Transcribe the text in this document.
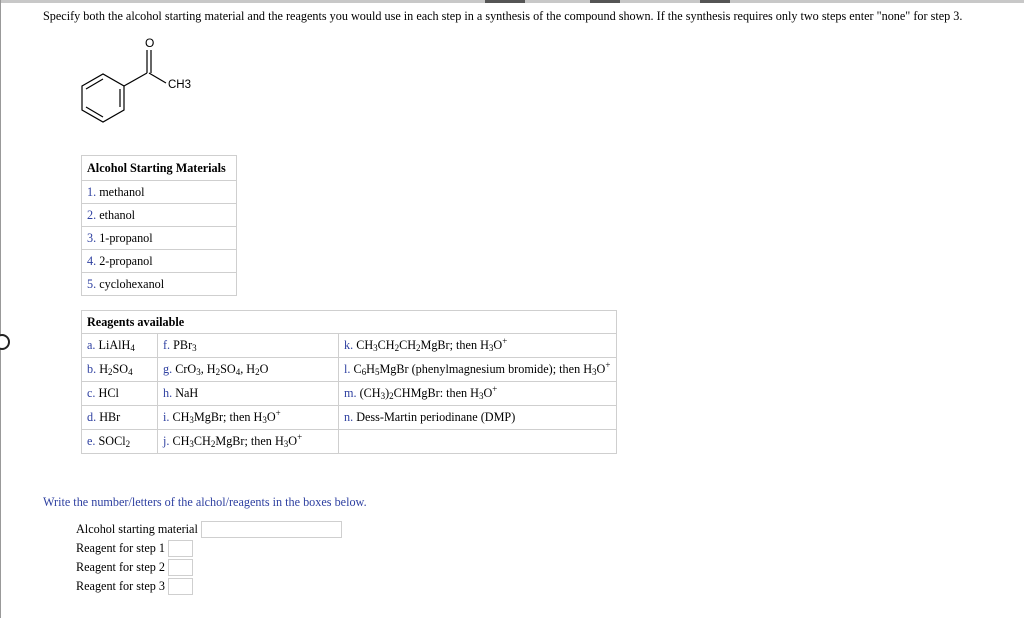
Specify both the alcohol starting material and the reagents you would use in each step in a synthesis of the compound shown. If the synthesis requires only two steps enter "none" for step 3.
O
CH3
Alcohol Starting Materials
1. methanol
2. ethanol
3. 1-propanol
4. 2-propanol
5. cyclohexanol
Reagents available		
a. LiAlH$_4$	f. PBr$_3$	k. $CH_3CH_2CH_2MgBr$; then $H_3O^+$
b. $H_2SO_4$	g. CrO$_3$, $H_2SO_4$, $H_2O$	l. $C_6H_5MgBr$ (phenylmagnesium bromide); then $H_3O^+$
c. HCl	h. NaH	m. $(CH_3)_2CHMgBr$: then $H_3O^+$
d. HBr	i. $CH_3MgBr$; then $H_3O^+$	n. Dess-Martin periodinane (DMP)
e. SOCl$_2$	j. $CH_3CH_2MgBr$; then $H_3O^+$	
Write the number/letters of the alchol/reagents in the boxes below.
Alcohol starting material
Reagent for step 1
Reagent for step 2
Reagent for step 3
